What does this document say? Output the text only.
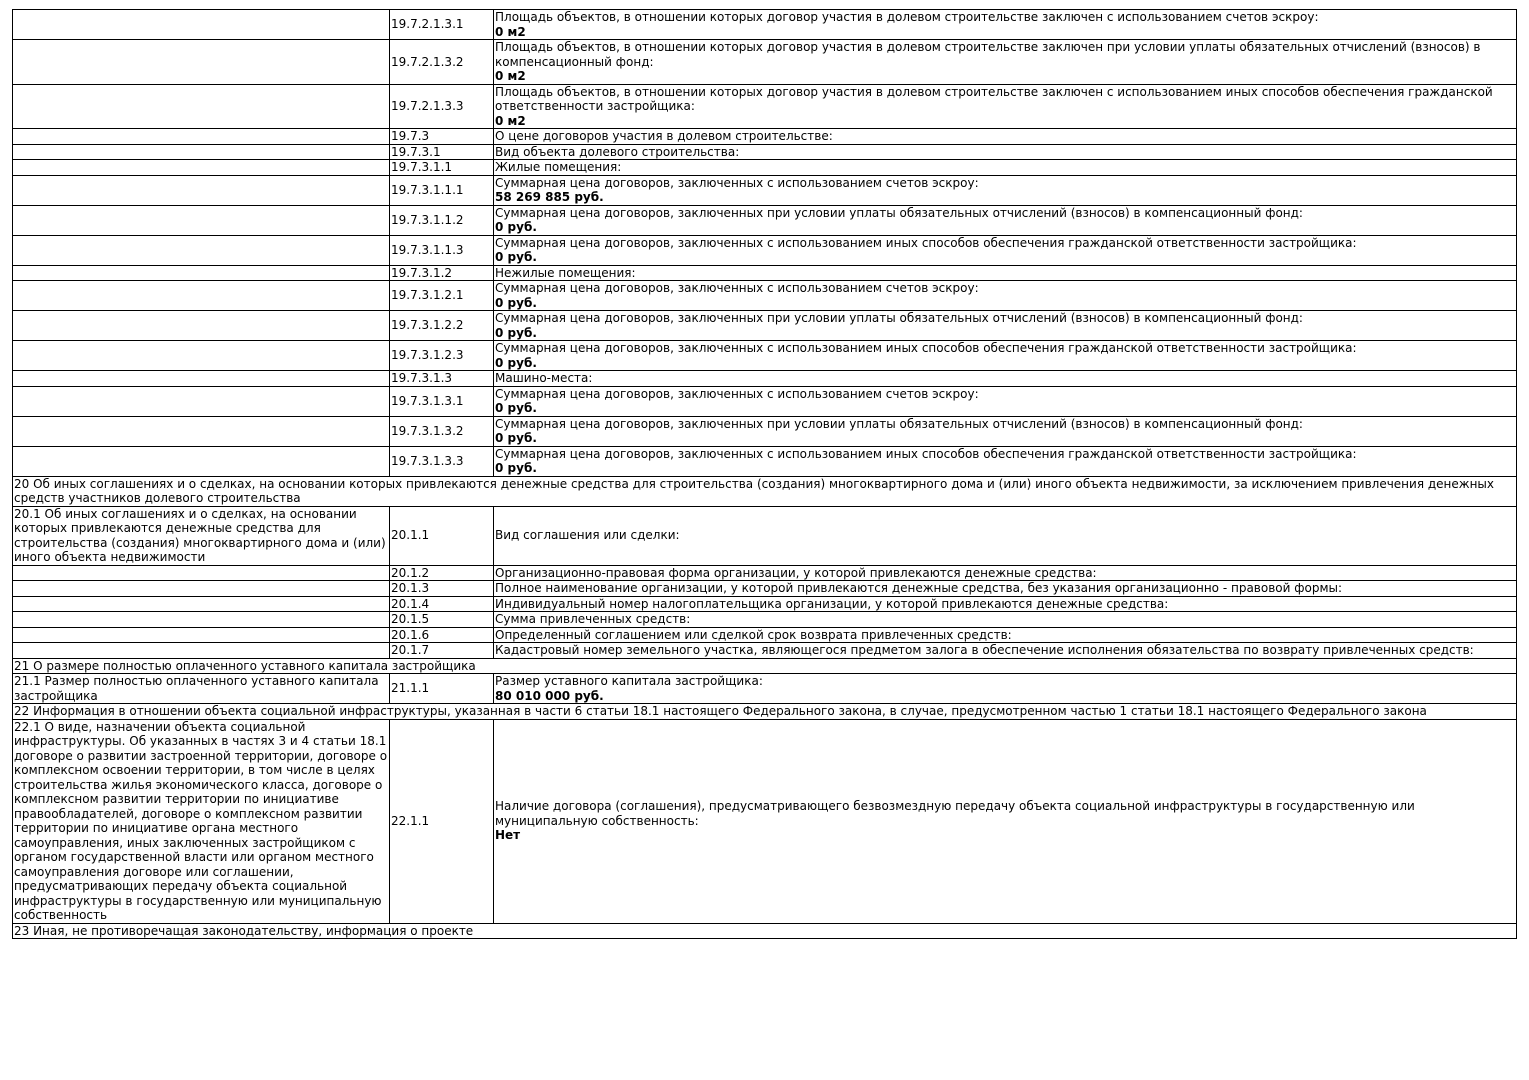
	19.7.2.1.3.1	Площадь объектов, в отношении которых договор участия в долевом строительстве заключен с использованием счетов эскроу:
0 м2

	19.7.2.1.3.2	Площадь объектов, в отношении которых договор участия в долевом строительстве заключен при условии уплаты обязательных отчислений (взносов) в компенсационный фонд:
0 м2

	19.7.2.1.3.3	Площадь объектов, в отношении которых договор участия в долевом строительстве заключен с использованием иных способов обеспечения гражданской ответственности застройщика:
0 м2

	19.7.3	О цене договоров участия в долевом строительстве:

	19.7.3.1	Вид объекта долевого строительства:

	19.7.3.1.1	Жилые помещения:

	19.7.3.1.1.1	Суммарная цена договоров, заключенных с использованием счетов эскроу:
58 269 885 руб.

	19.7.3.1.1.2	Суммарная цена договоров, заключенных при условии уплаты обязательных отчислений (взносов) в компенсационный фонд:
0 руб.

	19.7.3.1.1.3	Суммарная цена договоров, заключенных с использованием иных способов обеспечения гражданской ответственности застройщика:
0 руб.

	19.7.3.1.2	Нежилые помещения:

	19.7.3.1.2.1	Суммарная цена договоров, заключенных с использованием счетов эскроу:
0 руб.

	19.7.3.1.2.2	Суммарная цена договоров, заключенных при условии уплаты обязательных отчислений (взносов) в компенсационный фонд:
0 руб.

	19.7.3.1.2.3	Суммарная цена договоров, заключенных с использованием иных способов обеспечения гражданской ответственности застройщика:
0 руб.

	19.7.3.1.3	Машино-места:

	19.7.3.1.3.1	Суммарная цена договоров, заключенных с использованием счетов эскроу:
0 руб.

	19.7.3.1.3.2	Суммарная цена договоров, заключенных при условии уплаты обязательных отчислений (взносов) в компенсационный фонд:
0 руб.

	19.7.3.1.3.3	Суммарная цена договоров, заключенных с использованием иных способов обеспечения гражданской ответственности застройщика:
0 руб.

20 Об иных соглашениях и о сделках, на основании которых привлекаются денежные средства для строительства (создания) многоквартирного дома и (или) иного объекта недвижимости, за исключением привлечения денежных средств участников долевого строительства		
20.1 Об иных соглашениях и о сделках, на основании которых привлекаются денежные средства для строительства (создания) многоквартирного дома и (или) иного объекта недвижимости	20.1.1	Вид соглашения или сделки:

	20.1.2	Организационно-правовая форма организации, у которой привлекаются денежные средства:

	20.1.3	Полное наименование организации, у которой привлекаются денежные средства, без указания организационно - правовой формы:

	20.1.4	Индивидуальный номер налогоплательщика организации, у которой привлекаются денежные средства:

	20.1.5	Сумма привлеченных средств:

	20.1.6	Определенный соглашением или сделкой срок возврата привлеченных средств:

	20.1.7	Кадастровый номер земельного участка, являющегося предметом залога в обеспечение исполнения обязательства по возврату привлеченных средств:

21 О размере полностью оплаченного уставного капитала застройщика		
21.1 Размер полностью оплаченного уставного капитала застройщика	21.1.1	Размер уставного капитала застройщика:
80 010 000 руб.

22 Информация в отношении объекта социальной инфраструктуры, указанная в части 6 статьи 18.1 настоящего Федерального закона, в случае, предусмотренном частью 1 статьи 18.1 настоящего Федерального закона		
22.1 О виде, назначении объекта социальной инфраструктуры. Об указанных в частях 3 и 4 статьи 18.1 договоре о развитии застроенной территории, договоре о комплексном освоении территории, в том числе в целях строительства жилья экономического класса, договоре о комплексном развитии территории по инициативе правообладателей, договоре о комплексном развитии территории по инициативе органа местного самоуправления, иных заключенных застройщиком с органом государственной власти или органом местного самоуправления договоре или соглашении, предусматривающих передачу объекта социальной инфраструктуры в государственную или муниципальную собственность	22.1.1	Наличие договора (соглашения), предусматривающего безвозмездную передачу объекта социальной инфраструктуры в государственную или муниципальную собственность:
Нет

23 Иная, не противоречащая законодательству, информация о проекте		
